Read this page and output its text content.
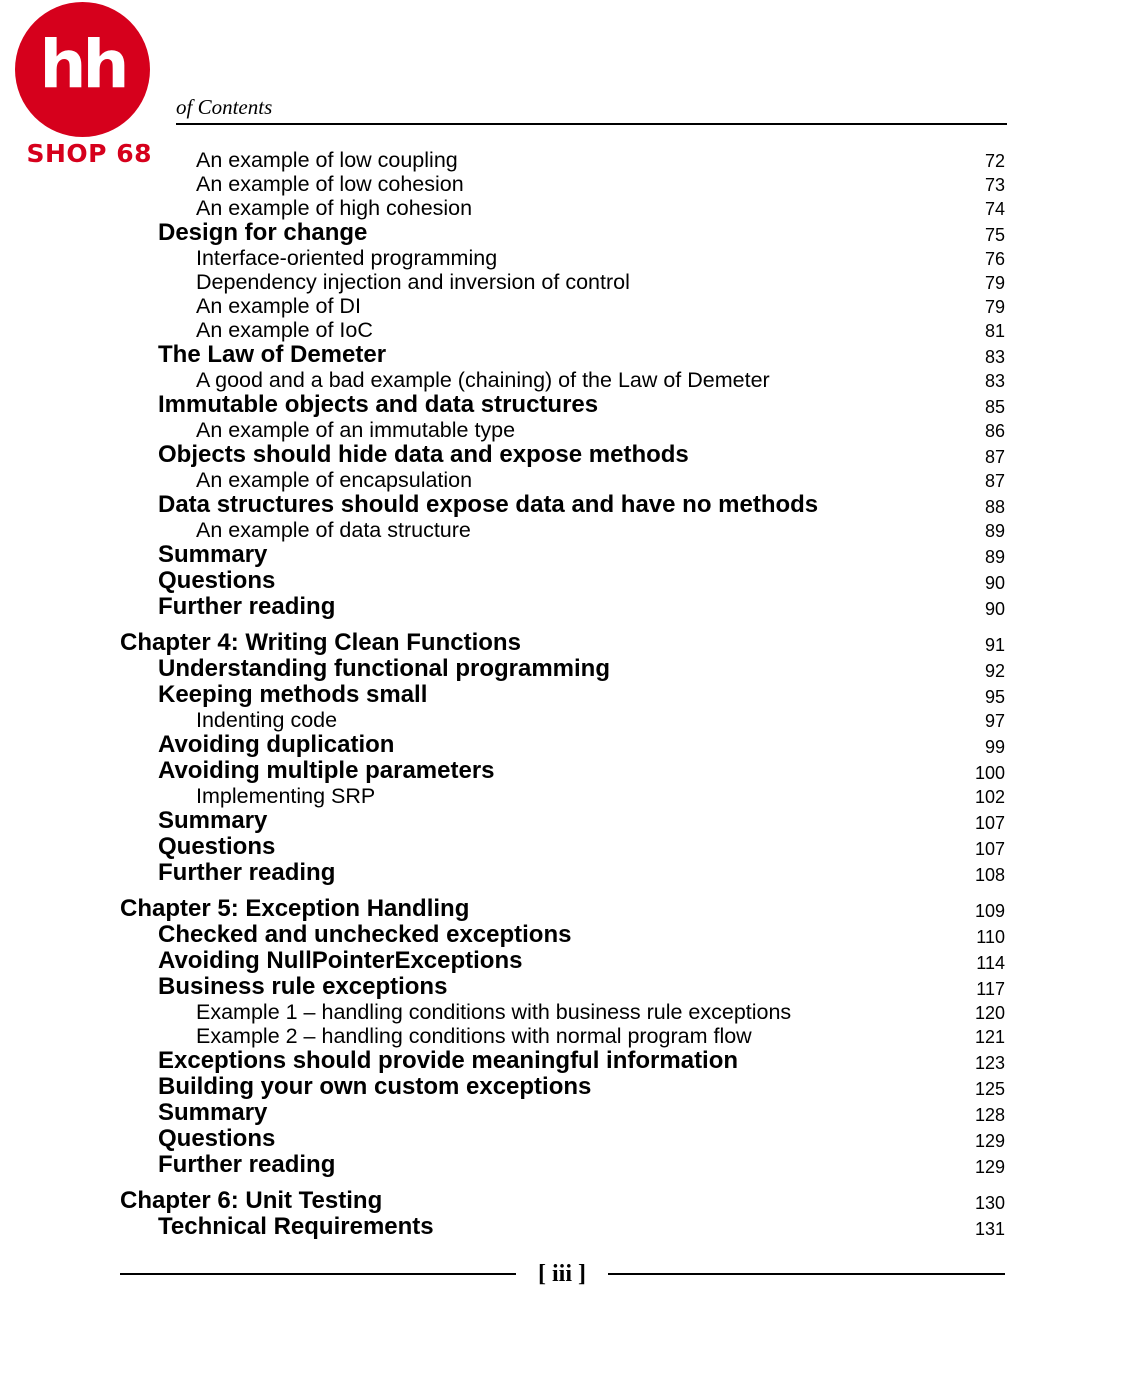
hh
SHOP 68
of Contents
An example of low coupling	72
An example of low cohesion	73
An example of high cohesion	74
Design for change	75
Interface-oriented programming	76
Dependency injection and inversion of control	79
An example of DI	79
An example of IoC	81
The Law of Demeter	83
A good and a bad example (chaining) of the Law of Demeter	83
Immutable objects and data structures	85
An example of an immutable type	86
Objects should hide data and expose methods	87
An example of encapsulation	87
Data structures should expose data and have no methods	88
An example of data structure	89
Summary	89
Questions	90
Further reading	90
Chapter 4: Writing Clean Functions	91
Understanding functional programming	92
Keeping methods small	95
Indenting code	97
Avoiding duplication	99
Avoiding multiple parameters	100
Implementing SRP	102
Summary	107
Questions	107
Further reading	108
Chapter 5: Exception Handling	109
Checked and unchecked exceptions	110
Avoiding NullPointerExceptions	114
Business rule exceptions	117
Example 1 – handling conditions with business rule exceptions	120
Example 2 – handling conditions with normal program flow	121
Exceptions should provide meaningful information	123
Building your own custom exceptions	125
Summary	128
Questions	129
Further reading	129
Chapter 6: Unit Testing	130
Technical Requirements	131
[ iii ]
